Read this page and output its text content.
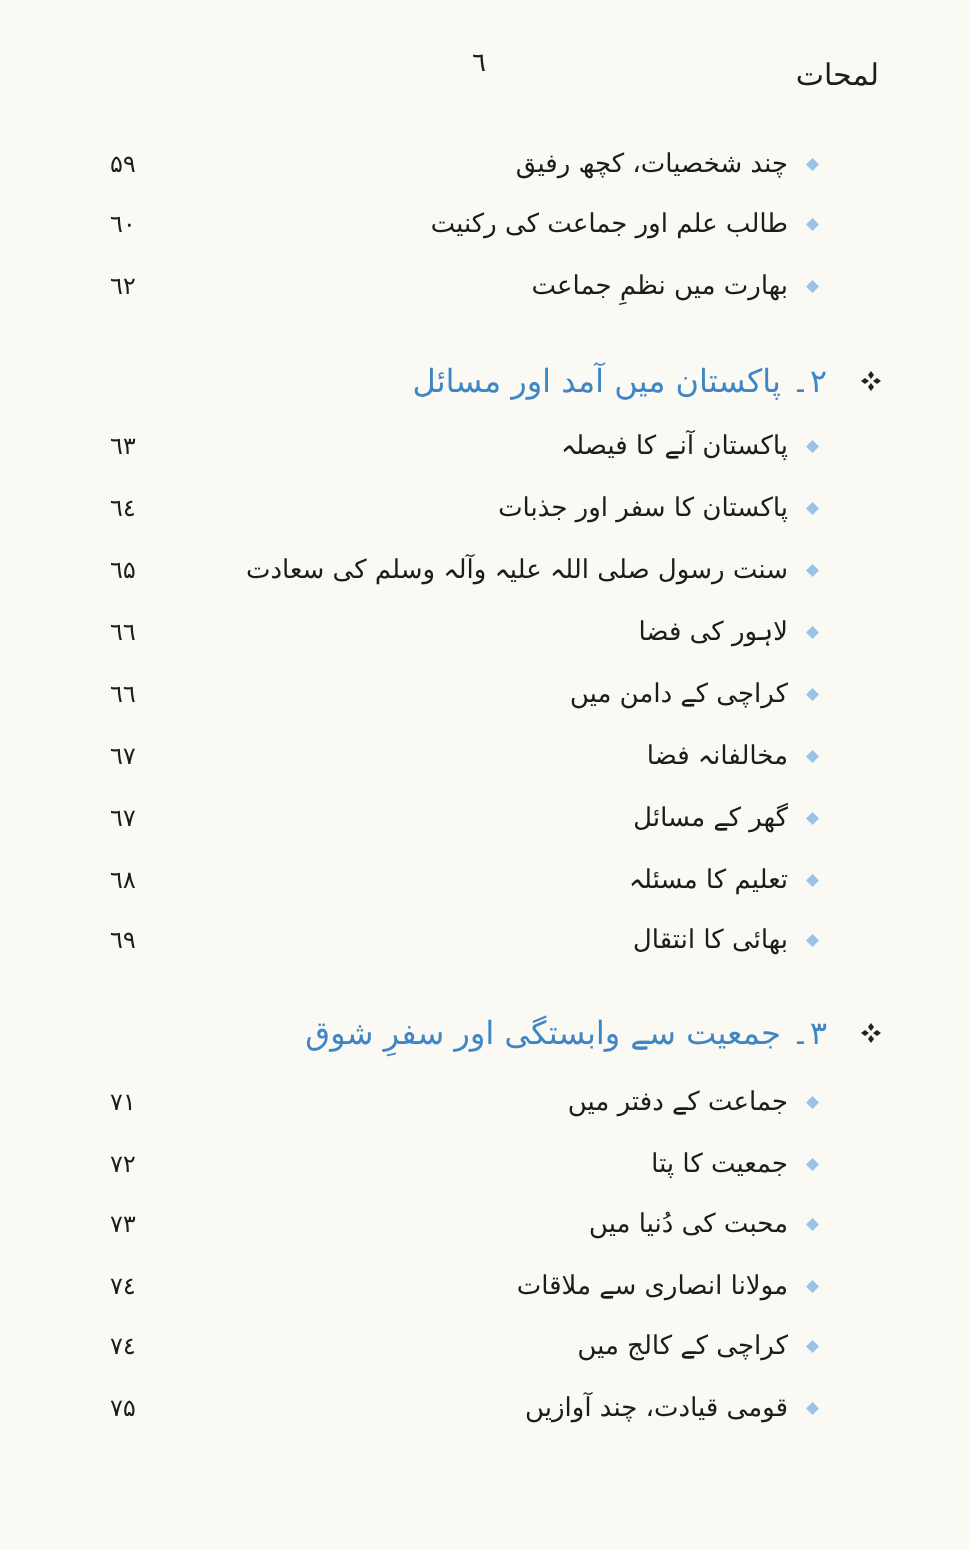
لمحات
٦
چند شخصیات، کچھ رفیق
۵۹
طالب علم اور جماعت کی رکنیت
٦٠
بھارت میں نظمِ جماعت
٦٢
۲۔ پاکستان میں آمد اور مسائل
پاکستان آنے کا فیصلہ
٦٣
پاکستان کا سفر اور جذبات
٦٤
سنت رسول صلی اللہ علیہ وآلہ وسلم کی سعادت
٦۵
لاہور کی فضا
٦٦
کراچی کے دامن میں
٦٦
مخالفانہ فضا
٦٧
گھر کے مسائل
٦٧
تعلیم کا مسئلہ
٦٨
بھائی کا انتقال
٦٩
۳۔ جمعیت سے وابستگی اور سفرِ شوق
جماعت کے دفتر میں
٧١
جمعیت کا پتا
٧٢
محبت کی دُنیا میں
٧٣
مولانا انصاری سے ملاقات
٧٤
کراچی کے کالج میں
٧٤
قومی قیادت، چند آوازیں
٧۵
